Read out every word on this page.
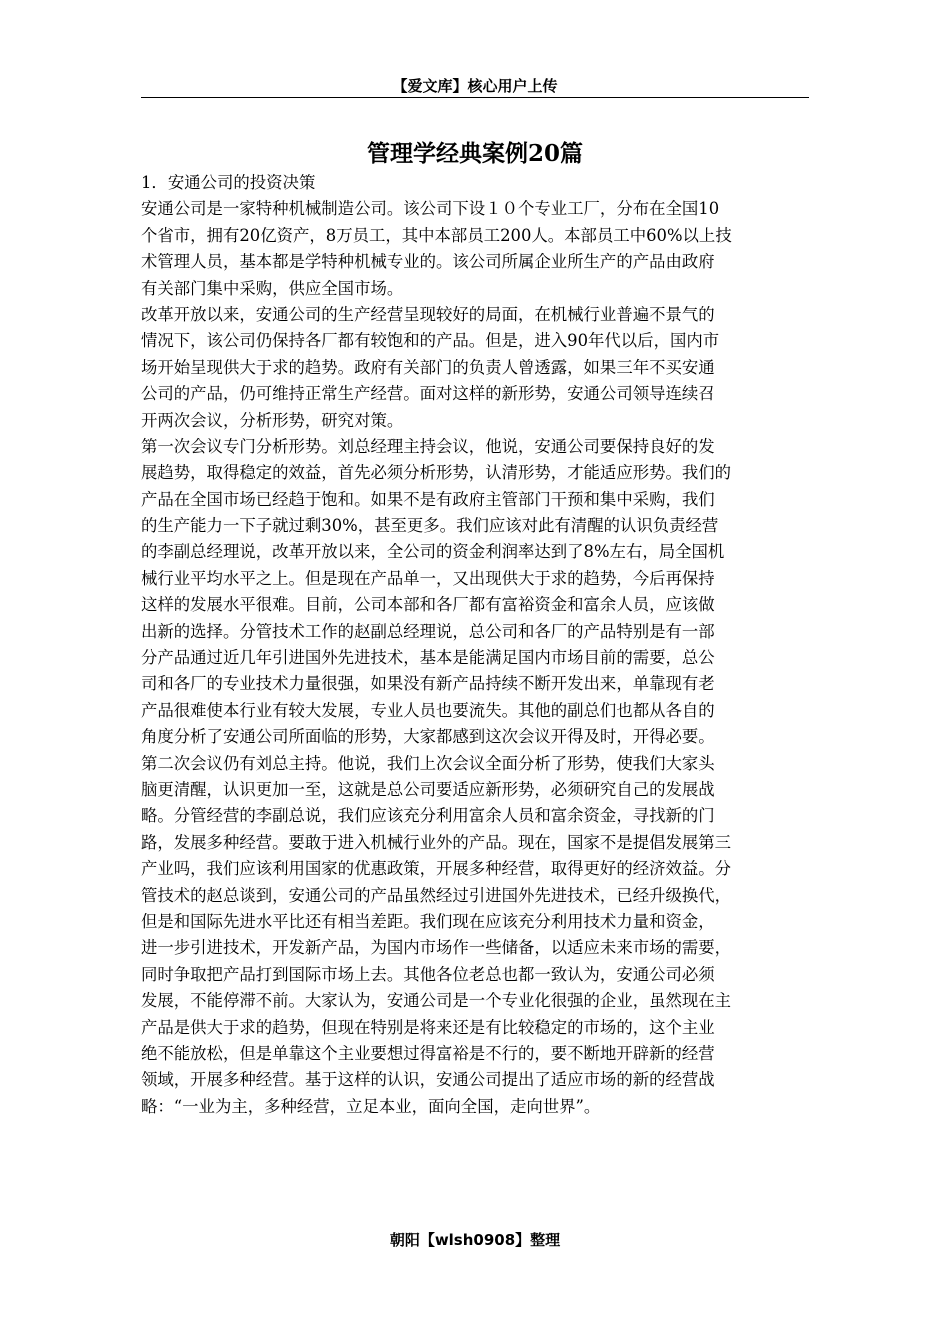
【爱文库】核心用户上传
管理学经典案例20篇
1．安通公司的投资决策
安通公司是一家特种机械制造公司。该公司下设１０个专业工厂，分布在全国10
个省市，拥有20亿资产，8万员工，其中本部员工200人。本部员工中60%以上技
术管理人员，基本都是学特种机械专业的。该公司所属企业所生产的产品由政府
有关部门集中采购，供应全国市场。
改革开放以来，安通公司的生产经营呈现较好的局面，在机械行业普遍不景气的
情况下，该公司仍保持各厂都有较饱和的产品。但是，进入90年代以后，国内市
场开始呈现供大于求的趋势。政府有关部门的负责人曾透露，如果三年不买安通
公司的产品，仍可维持正常生产经营。面对这样的新形势，安通公司领导连续召
开两次会议，分析形势，研究对策。
第一次会议专门分析形势。刘总经理主持会议，他说，安通公司要保持良好的发
展趋势，取得稳定的效益，首先必须分析形势，认清形势，才能适应形势。我们的
产品在全国市场已经趋于饱和。如果不是有政府主管部门干预和集中采购，我们
的生产能力一下子就过剩30%，甚至更多。我们应该对此有清醒的认识负责经营
的李副总经理说，改革开放以来，全公司的资金利润率达到了8%左右，局全国机
械行业平均水平之上。但是现在产品单一，又出现供大于求的趋势，今后再保持
这样的发展水平很难。目前，公司本部和各厂都有富裕资金和富余人员，应该做
出新的选择。分管技术工作的赵副总经理说，总公司和各厂的产品特别是有一部
分产品通过近几年引进国外先进技术，基本是能满足国内市场目前的需要，总公
司和各厂的专业技术力量很强，如果没有新产品持续不断开发出来，单靠现有老
产品很难使本行业有较大发展，专业人员也要流失。其他的副总们也都从各自的
角度分析了安通公司所面临的形势，大家都感到这次会议开得及时，开得必要。
第二次会议仍有刘总主持。他说，我们上次会议全面分析了形势，使我们大家头
脑更清醒，认识更加一至，这就是总公司要适应新形势，必须研究自己的发展战
略。分管经营的李副总说，我们应该充分利用富余人员和富余资金，寻找新的门
路，发展多种经营。要敢于进入机械行业外的产品。现在，国家不是提倡发展第三
产业吗，我们应该利用国家的优惠政策，开展多种经营，取得更好的经济效益。分
管技术的赵总谈到，安通公司的产品虽然经过引进国外先进技术，已经升级换代，
但是和国际先进水平比还有相当差距。我们现在应该充分利用技术力量和资金，
进一步引进技术，开发新产品，为国内市场作一些储备，以适应未来市场的需要，
同时争取把产品打到国际市场上去。其他各位老总也都一致认为，安通公司必须
发展，不能停滞不前。大家认为，安通公司是一个专业化很强的企业，虽然现在主
产品是供大于求的趋势，但现在特别是将来还是有比较稳定的市场的，这个主业
绝不能放松，但是单靠这个主业要想过得富裕是不行的，要不断地开辟新的经营
领域，开展多种经营。基于这样的认识，安通公司提出了适应市场的新的经营战
略：“一业为主，多种经营，立足本业，面向全国，走向世界”。
朝阳【wlsh0908】整理
